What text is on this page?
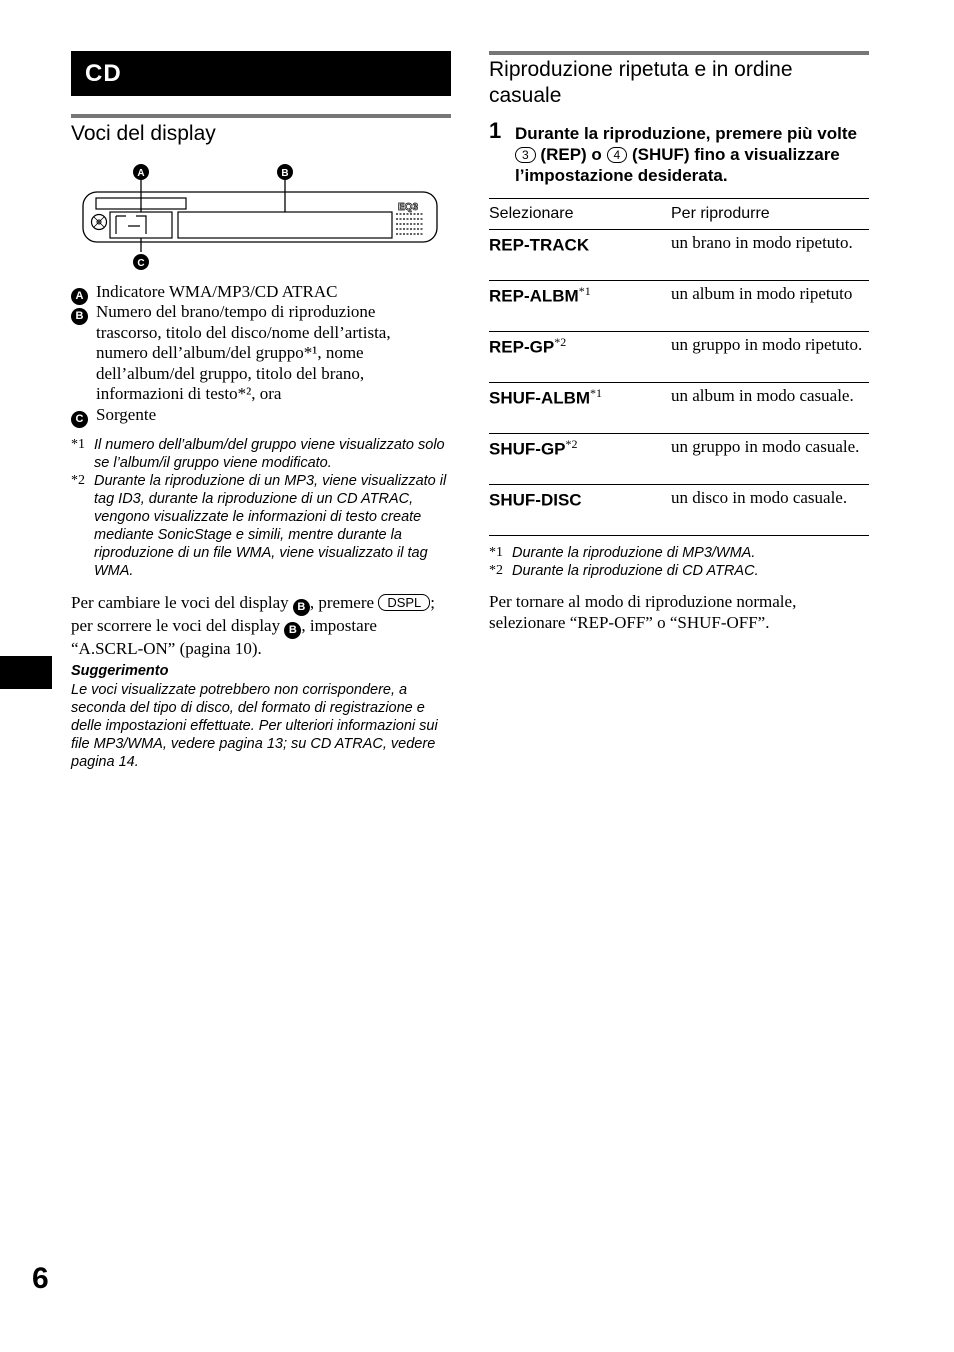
CD
Voci del display
EQ3
A	B
C
A Indicatore WMA/MP3/CD ATRAC
B Numero del brano/tempo di riproduzione trascorso, titolo del disco/nome dell’artista, numero dell’album/del gruppo*¹, nome dell’album/del gruppo, titolo del brano, informazioni di testo*², ora
C Sorgente
*1 Il numero dell’album/del gruppo viene visualizzato solo se l’album/il gruppo viene modificato.
*2 Durante la riproduzione di un MP3, viene visualizzato il tag ID3, durante la riproduzione di un CD ATRAC, vengono visualizzate le informazioni di testo create mediante SonicStage e simili, mentre durante la riproduzione di un file WMA, viene visualizzato il tag WMA.
Per cambiare le voci del display B , premere DSPL ; per scorrere le voci del display B , impostare “A.SCRL-ON” (pagina 10).
Suggerimento
Le voci visualizzate potrebbero non corrispondere, a seconda del tipo di disco, del formato di registrazione e delle impostazioni effettuate. Per ulteriori informazioni sui file MP3/WMA, vedere pagina 13; su CD ATRAC, vedere pagina 14.
Riproduzione ripetuta e in ordine
casuale
1 Durante la riproduzione, premere più volte 3 (REP) o 4 (SHUF) fino a visualizzare l’impostazione desiderata.
Selezionare	Per riprodurre
REP-TRACK	un brano in modo ripetuto.
REP-ALBM$^{*1}$	un album in modo ripetuto
REP-GP$^{*2}$	un gruppo in modo ripetuto.
SHUF-ALBM$^{*1}$	un album in modo casuale.
SHUF-GP$^{*2}$	un gruppo in modo casuale.
SHUF-DISC	un disco in modo casuale.
*1 Durante la riproduzione di MP3/WMA.
*2 Durante la riproduzione di CD ATRAC.
Per tornare al modo di riproduzione normale, selezionare “REP-OFF” o “SHUF-OFF”.
6
